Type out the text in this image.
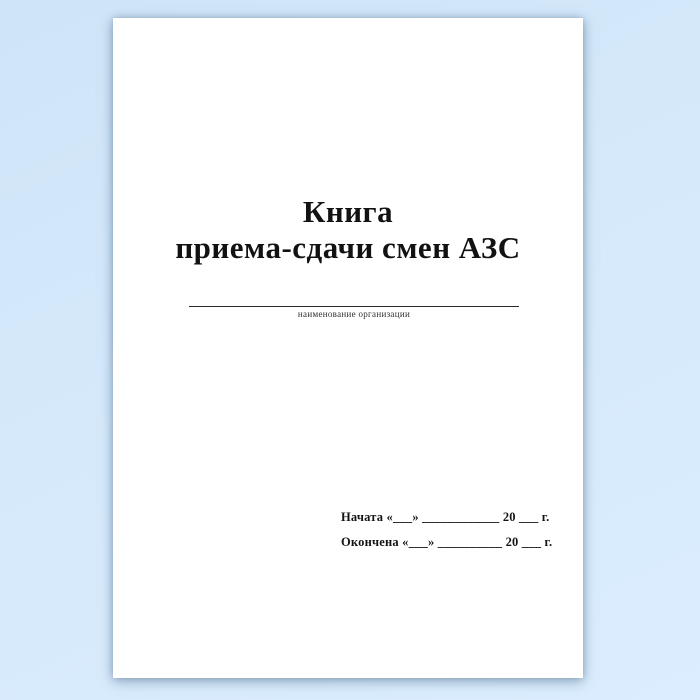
Книга
приема-сдачи смен АЗС
наименование организации
Начата «___» ____________ 20 ___ г.
Окончена «___» __________ 20 ___ г.
